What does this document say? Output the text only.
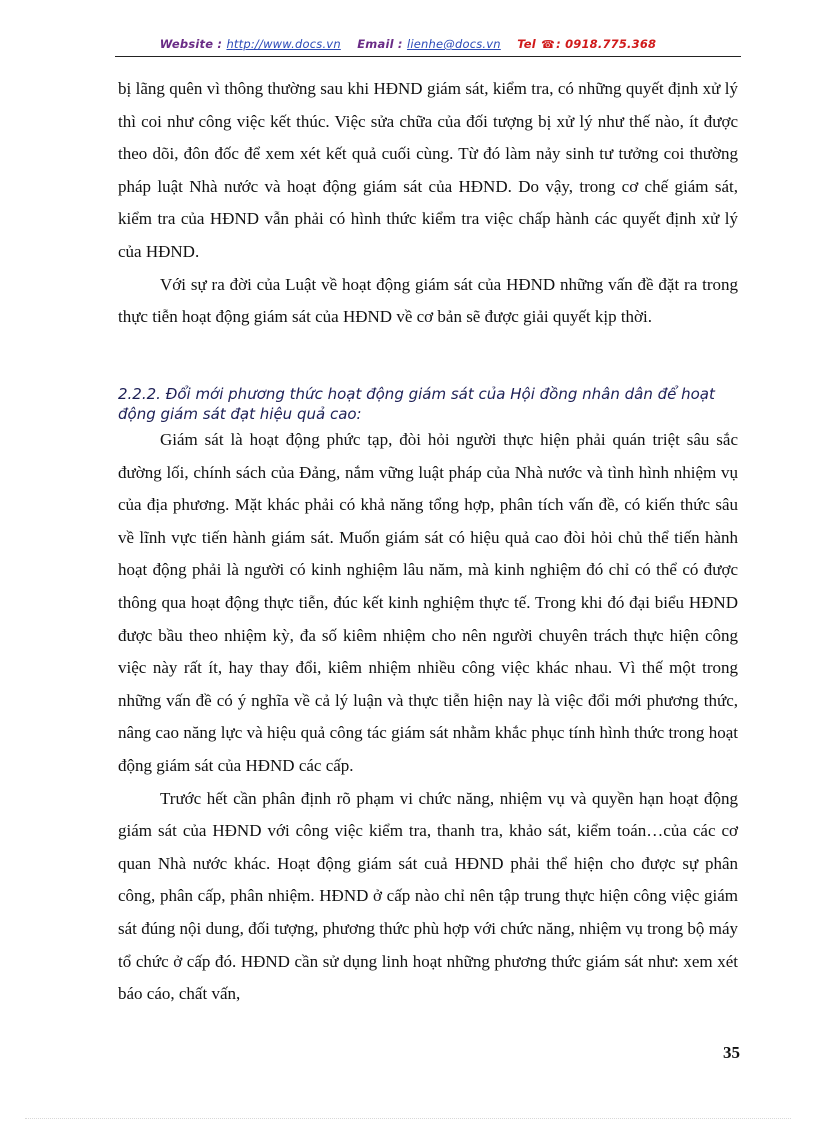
Website : http://www.docs.vn Email : lienhe@docs.vn Tel ☎: 0918.775.368

bị lãng quên vì thông thường sau khi HĐND giám sát, kiểm tra, có những quyết định xử lý thì coi như công việc kết thúc. Việc sửa chữa của đối tượng bị xử lý như thế nào, ít được theo dõi, đôn đốc để xem xét kết quả cuối cùng. Từ đó làm nảy sinh tư tưởng coi thường pháp luật Nhà nước và hoạt động giám sát của HĐND. Do vậy, trong cơ chế giám sát, kiểm tra của HĐND vẫn phải có hình thức kiểm tra việc chấp hành các quyết định xử lý của HĐND.

Với sự ra đời của Luật về hoạt động giám sát của HĐND những vấn đề đặt ra trong thực tiễn hoạt động giám sát của HĐND về cơ bản sẽ được giải quyết kịp thời.

2.2.2. Đổi mới phương thức hoạt động giám sát của Hội đồng nhân dân để hoạt động giám sát đạt hiệu quả cao:

Giám sát là hoạt động phức tạp, đòi hỏi người thực hiện phải quán triệt sâu sắc đường lối, chính sách của Đảng, nắm vững luật pháp của Nhà nước và tình hình nhiệm vụ của địa phương. Mặt khác phải có khả năng tổng hợp, phân tích vấn đề, có kiến thức sâu về lĩnh vực tiến hành giám sát. Muốn giám sát có hiệu quả cao đòi hỏi chủ thể tiến hành hoạt động phải là người có kinh nghiệm lâu năm, mà kinh nghiệm đó chỉ có thể có được thông qua hoạt động thực tiễn, đúc kết kinh nghiệm thực tế. Trong khi đó đại biểu HĐND được bầu theo nhiệm kỳ, đa số kiêm nhiệm cho nên người chuyên trách thực hiện công việc này rất ít, hay thay đổi, kiêm nhiệm nhiều công việc khác nhau. Vì thế một trong những vấn đề có ý nghĩa về cả lý luận và thực tiễn hiện nay là việc đổi mới phương thức, nâng cao năng lực và hiệu quả công tác giám sát nhằm khắc phục tính hình thức trong hoạt động giám sát của HĐND các cấp.

Trước hết cần phân định rõ phạm vi chức năng, nhiệm vụ và quyền hạn hoạt động giám sát của HĐND với công việc kiểm tra, thanh tra, khảo sát, kiểm toán…của các cơ quan Nhà nước khác. Hoạt động giám sát cuả HĐND phải thể hiện cho được sự phân công, phân cấp, phân nhiệm. HĐND ở cấp nào chỉ nên tập trung thực hiện công việc giám sát đúng nội dung, đối tượng, phương thức phù hợp với chức năng, nhiệm vụ trong bộ máy tổ chức ở cấp đó. HĐND cần sử dụng linh hoạt những phương thức giám sát như: xem xét báo cáo, chất vấn,

35
